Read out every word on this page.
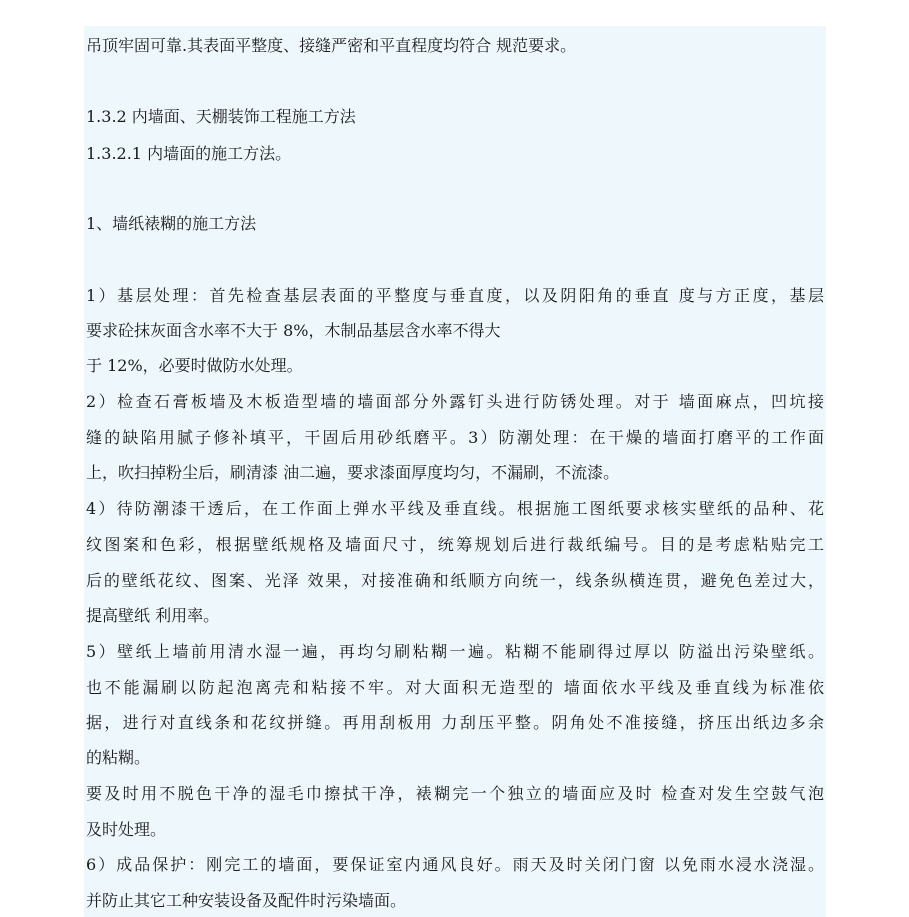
吊顶牢固可靠.其表面平整度、接缝严密和平直程度均符合 规范要求。
1.3.2 内墙面、天棚装饰工程施工方法
1.3.2.1 内墙面的施工方法。
1、墙纸裱糊的施工方法
1）基层处理：首先检查基层表面的平整度与垂直度，以及阴阳角的垂直 度与方正度，基层
要求砼抹灰面含水率不大于 8%，木制品基层含水率不得大
于 12%，必要时做防水处理。
2）检查石膏板墙及木板造型墙的墙面部分外露钉头进行防锈处理。对于 墙面麻点，凹坑接
缝的缺陷用腻子修补填平，干固后用砂纸磨平。3）防潮处理：在干燥的墙面打磨平的工作面
上，吹扫掉粉尘后，刷清漆 油二遍，要求漆面厚度均匀，不漏刷，不流漆。
4）待防潮漆干透后，在工作面上弹水平线及垂直线。根据施工图纸要求核实壁纸的品种、花
纹图案和色彩，根据壁纸规格及墙面尺寸，统筹规划后进行裁纸编号。目的是考虑粘贴完工
后的壁纸花纹、图案、光泽 效果，对接准确和纸顺方向统一，线条纵横连贯，避免色差过大，
提高壁纸 利用率。
5）壁纸上墙前用清水湿一遍，再均匀刷粘糊一遍。粘糊不能刷得过厚以 防溢出污染壁纸。
也不能漏刷以防起泡离壳和粘接不牢。对大面积无造型的 墙面依水平线及垂直线为标准依
据，进行对直线条和花纹拼缝。再用刮板用 力刮压平整。阴角处不准接缝，挤压出纸边多余
的粘糊。
要及时用不脱色干净的湿毛巾擦拭干净，裱糊完一个独立的墙面应及时 检查对发生空鼓气泡
及时处理。
6）成品保护：刚完工的墙面，要保证室内通风良好。雨天及时关闭门窗 以免雨水浸水浇湿。
并防止其它工种安装设备及配件时污染墙面。
